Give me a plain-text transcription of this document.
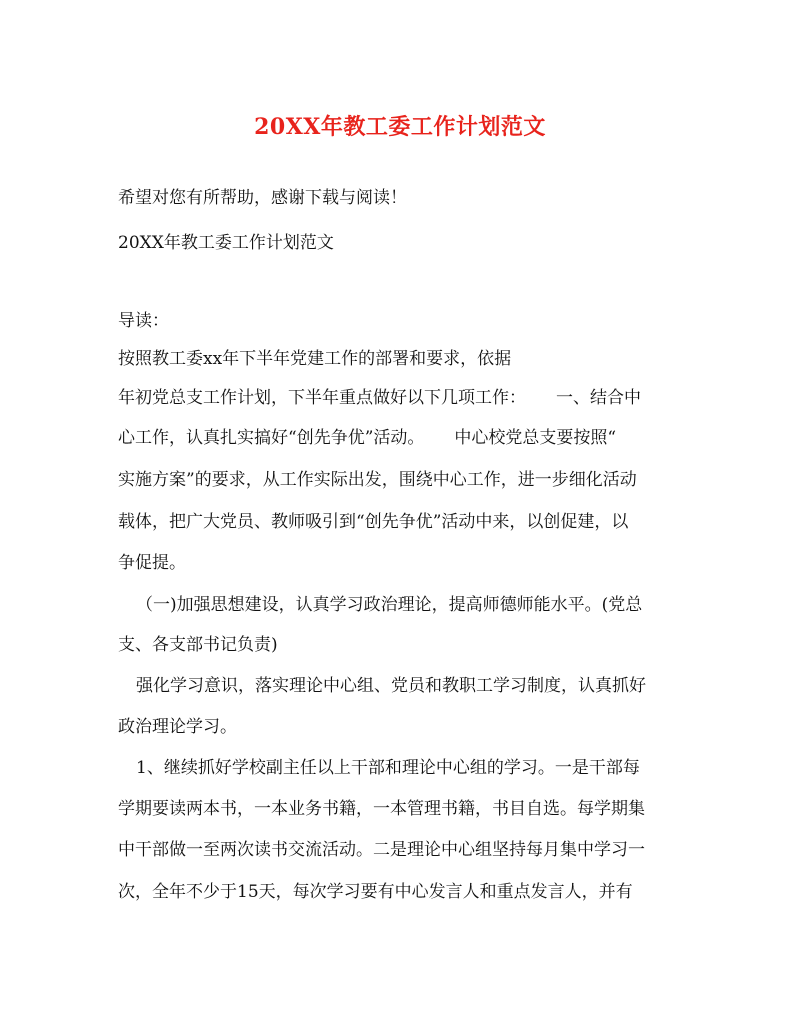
20XX年教工委工作计划范文

希望对您有所帮助，感谢下载与阅读！

20XX年教工委工作计划范文

导读：

按照教工委xx年下半年党建工作的部署和要求，依据

年初党总支工作计划，下半年重点做好以下几项工作： 一、结合中

心工作，认真扎实搞好“创先争优”活动。 中心校党总支要按照“

实施方案”的要求，从工作实际出发，围绕中心工作，进一步细化活动

载体，把广大党员、教师吸引到“创先争优”活动中来，以创促建，以

争促提。

（一)加强思想建设，认真学习政治理论，提高师德师能水平。(党总

支、各支部书记负责)

强化学习意识，落实理论中心组、党员和教职工学习制度，认真抓好

政治理论学习。

1、继续抓好学校副主任以上干部和理论中心组的学习。一是干部每

学期要读两本书，一本业务书籍，一本管理书籍，书目自选。每学期集

中干部做一至两次读书交流活动。二是理论中心组坚持每月集中学习一

次，全年不少于15天，每次学习要有中心发言人和重点发言人，并有
